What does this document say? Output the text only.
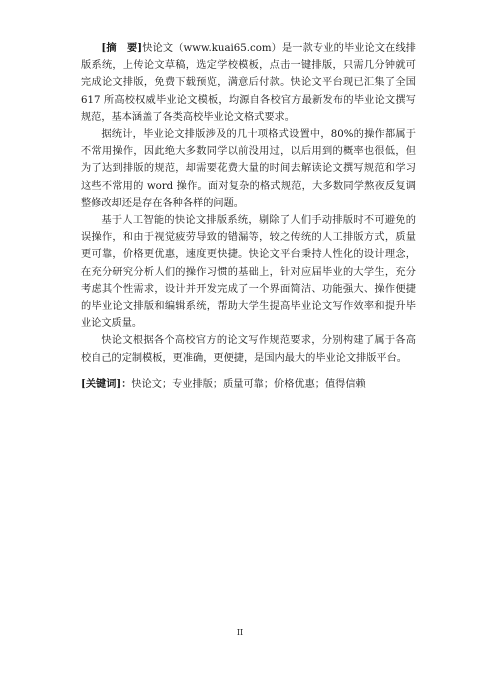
[摘　要]快论文（www.kuai65.com）是一款专业的毕业论文在线排版系统，上传论文草稿，选定学校模板，点击一键排版，只需几分钟就可完成论文排版，免费下载预览，满意后付款。快论文平台现已汇集了全国 617 所高校权威毕业论文模板，均源自各校官方最新发布的毕业论文撰写规范，基本涵盖了各类高校毕业论文格式要求。

据统计，毕业论文排版涉及的几十项格式设置中，80%的操作都属于不常用操作，因此绝大多数同学以前没用过，以后用到的概率也很低，但为了达到排版的规范，却需要花费大量的时间去解读论文撰写规范和学习这些不常用的 word 操作。面对复杂的格式规范，大多数同学熬夜反复调整修改却还是存在各种各样的问题。

基于人工智能的快论文排版系统，剔除了人们手动排版时不可避免的误操作，和由于视觉疲劳导致的错漏等，较之传统的人工排版方式，质量更可靠，价格更优惠，速度更快捷。快论文平台秉持人性化的设计理念，在充分研究分析人们的操作习惯的基础上，针对应届毕业的大学生，充分考虑其个性需求，设计并开发完成了一个界面简洁、功能强大、操作便捷的毕业论文排版和编辑系统，帮助大学生提高毕业论文写作效率和提升毕业论文质量。

快论文根据各个高校官方的论文写作规范要求，分别构建了属于各高校自己的定制模板，更准确，更便捷，是国内最大的毕业论文排版平台。

[关键词]：快论文；专业排版；质量可靠；价格优惠；值得信赖

II
